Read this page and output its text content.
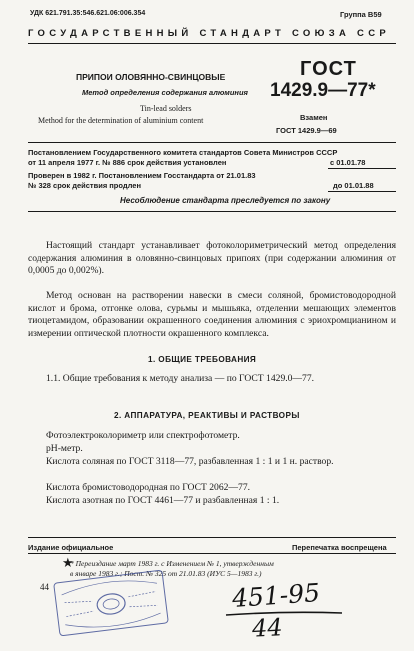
УДК 621.791.35:546.621.06:006.354	Группа В59
ГОСУДАРСТВЕННЫЙ СТАНДАРТ СОЮЗА ССР
ПРИПОИ ОЛОВЯННО-СВИНЦОВЫЕ
Метод определения содержания алюминия
Tin-lead solders
Method for the determination of aluminium content
ГОСТ
1429.9—77*
Взамен
ГОСТ 1429.9—69
Постановлением Государственного комитета стандартов Совета Министров СССР
от 11 апреля 1977 г. № 886 срок действия установлен	с 01.01.78
Проверен в 1982 г. Постановлением Госстандарта от 21.01.83
№ 328 срок действия продлен	до 01.01.88
Несоблюдение стандарта преследуется по закону

Настоящий стандарт устанавливает фотоколориметрический метод определения содержания алюминия в оловянно-свинцовых припоях (при содержании алюминия от 0,0005 до 0,002%).

Метод основан на растворении навески в смеси соляной, бромистоводородной кислот и брома, отгонке олова, сурьмы и мышьяка, отделении мешающих элементов тиоцетамидом, образовании окрашенного соединения алюминия с эриохромцианином и измерении оптической плотности окрашенного комплекса.

1. ОБЩИЕ ТРЕБОВАНИЯ

1.1. Общие требования к методу анализа — по ГОСТ 1429.0—77.

2. АППАРАТУРА, РЕАКТИВЫ И РАСТВОРЫ

Фотоэлектроколориметр или спектрофотометр.

рН-метр.

Кислота соляная по ГОСТ 3118—77, разбавленная 1 : 1 и 1 н. раствор.

Кислота бромистоводородная по ГОСТ 2062—77.

Кислота азотная по ГОСТ 4461—77 и разбавленная 1 : 1.

Издание официальное	Перепечатка воспрещена
★
* Переиздание март 1983 г. с Изменением № 1, утвержденным
в январе 1983 г.; Пост. № 325 от 21.01.83 (ИУС 5—1983 г.)
44	451-95
44
